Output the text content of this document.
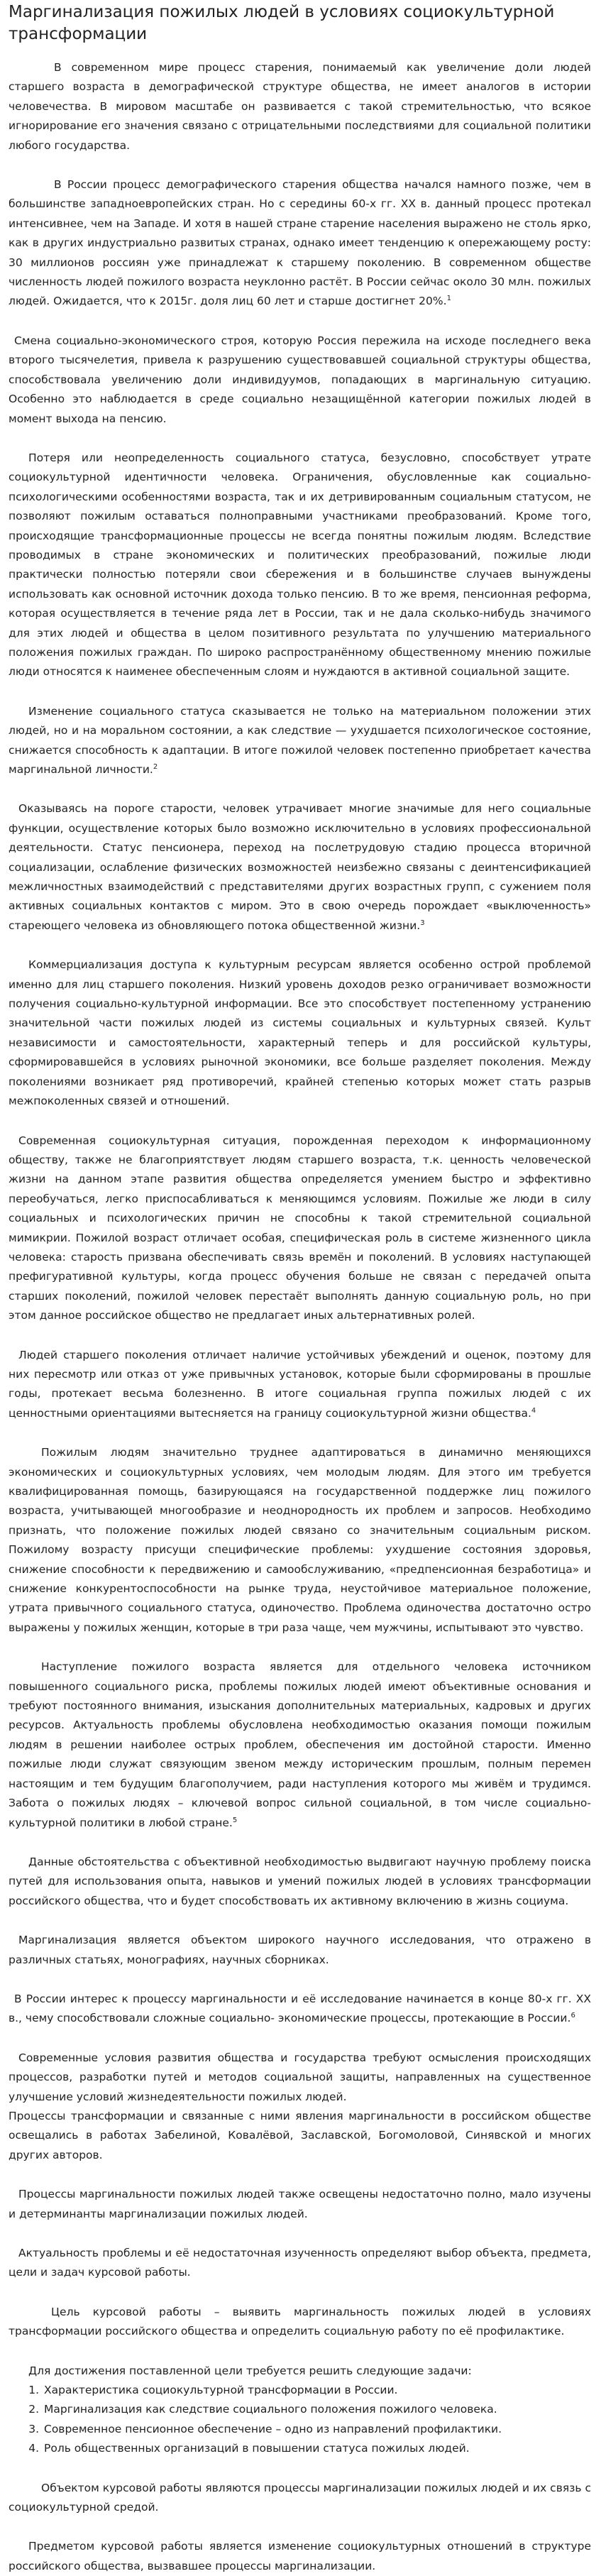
Маргинализация пожилых людей в условиях социокультурной трансформации

В современном мире процесс старения, понимаемый как увеличение доли людей старшего возраста в демографической структуре общества, не имеет аналогов в истории человечества. В мировом масштабе он развивается с такой стремительностью, что всякое игнорирование его значения связано с отрицательными последствиями для социальной политики любого государства.

В России процесс демографического старения общества начался намного позже, чем в большинстве западноевропейских стран. Но с середины 60-х гг. XX в. данный процесс протекал интенсивнее, чем на Западе. И хотя в нашей стране старение населения выражено не столь ярко, как в других индустриально развитых странах, однако имеет тенденцию к опережающему росту: 30 миллионов россиян уже принадлежат к старшему поколению. В современном обществе численность людей пожилого возраста неуклонно растёт. В России сейчас около 30 млн. пожилых людей. Ожидается, что к 2015г. доля лиц 60 лет и старше достигнет 20%.$^1$

Смена социально-экономического строя, которую Россия пережила на исходе последнего века второго тысячелетия, привела к разрушению существовавшей социальной структуры общества, способствовала увеличению доли индивидуумов, попадающих в маргинальную ситуацию. Особенно это наблюдается в среде социально незащищённой категории пожилых людей в момент выхода на пенсию.

Потеря или неопределенность социального статуса, безусловно, способствует утрате социокультурной идентичности человека. Ограничения, обусловленные как социально-психологическими особенностями возраста, так и их детривированным социальным статусом, не позволяют пожилым оставаться полноправными участниками преобразований. Кроме того, происходящие трансформационные процессы не всегда понятны пожилым людям. Вследствие проводимых в стране экономических и политических преобразований, пожилые люди практически полностью потеряли свои сбережения и в большинстве случаев вынуждены использовать как основной источник дохода только пенсию. В то же время, пенсионная реформа, которая осуществляется в течение ряда лет в России, так и не дала сколько-нибудь значимого для этих людей и общества в целом позитивного результата по улучшению материального положения пожилых граждан. По широко распространённому общественному мнению пожилые люди относятся к наименее обеспеченным слоям и нуждаются в активной социальной защите.

Изменение социального статуса сказывается не только на материальном положении этих людей, но и на моральном состоянии, а как следствие — ухудшается психологическое состояние, снижается способность к адаптации. В итоге пожилой человек постепенно приобретает качества маргинальной личности.$^2$

Оказываясь на пороге старости, человек утрачивает многие значимые для него социальные функции, осуществление которых было возможно исключительно в условиях профессиональной деятельности. Статус пенсионера, переход на послетрудовую стадию процесса вторичной социализации, ослабление физических возможностей неизбежно связаны с деинтенсификацией межличностных взаимодействий с представителями других возрастных групп, с сужением поля активных социальных контактов с миром. Это в свою очередь порождает «выключенность» стареющего человека из обновляющего потока общественной жизни.$^3$

Коммерциализация доступа к культурным ресурсам является особенно острой проблемой именно для лиц старшего поколения. Низкий уровень доходов резко ограничивает возможности получения социально-культурной информации. Все это способствует постепенному устранению значительной части пожилых людей из системы социальных и культурных связей. Культ независимости и самостоятельности, характерный теперь и для российской культуры, сформировавшейся в условиях рыночной экономики, все больше разделяет поколения. Между поколениями возникает ряд противоречий, крайней степенью которых может стать разрыв межпоколенных связей и отношений.

Современная социокультурная ситуация, порожденная переходом к информационному обществу, также не благоприятствует людям старшего возраста, т.к. ценность человеческой жизни на данном этапе развития общества определяется умением быстро и эффективно переобучаться, легко приспосабливаться к меняющимся условиям. Пожилые же люди в силу социальных и психологических причин не способны к такой стремительной социальной мимикрии. Пожилой возраст отличает особая, специфическая роль в системе жизненного цикла человека: старость призвана обеспечивать связь времён и поколений. В условиях наступающей префигуративной культуры, когда процесс обучения больше не связан с передачей опыта старших поколений, пожилой человек перестаёт выполнять данную социальную роль, но при этом данное российское общество не предлагает иных альтернативных ролей.

Людей старшего поколения отличает наличие устойчивых убеждений и оценок, поэтому для них пересмотр или отказ от уже привычных установок, которые были сформированы в прошлые годы, протекает весьма болезненно. В итоге социальная группа пожилых людей с их ценностными ориентациями вытесняется на границу социокультурной жизни общества.$^4$

Пожилым людям значительно труднее адаптироваться в динамично меняющихся экономических и социокультурных условиях, чем молодым людям. Для этого им требуется квалифицированная помощь, базирующаяся на государственной поддержке лиц пожилого возраста, учитывающей многообразие и неоднородность их проблем и запросов. Необходимо признать, что положение пожилых людей связано со значительным социальным риском. Пожилому возрасту присущи специфические проблемы: ухудшение состояния здоровья, снижение способности к передвижению и самообслуживанию, «предпенсионная безработица» и снижение конкурентоспособности на рынке труда, неустойчивое материальное положение, утрата привычного социального статуса, одиночество. Проблема одиночества достаточно остро выражены у пожилых женщин, которые в три раза чаще, чем мужчины, испытывают это чувство.

Наступление пожилого возраста является для отдельного человека источником повышенного социального риска, проблемы пожилых людей имеют объективные основания и требуют постоянного внимания, изыскания дополнительных материальных, кадровых и других ресурсов. Актуальность проблемы обусловлена необходимостью оказания помощи пожилым людям в решении наиболее острых проблем, обеспечения им достойной старости. Именно пожилые люди служат связующим звеном между историческим прошлым, полным перемен настоящим и тем будущим благополучием, ради наступления которого мы живём и трудимся. Забота о пожилых людях – ключевой вопрос сильной социальной, в том числе социально- культурной политики в любой стране.$^5$

Данные обстоятельства с объективной необходимостью выдвигают научную проблему поиска путей для использования опыта, навыков и умений пожилых людей в условиях трансформации российского общества, что и будет способствовать их активному включению в жизнь социума.

Маргинализация является объектом широкого научного исследования, что отражено в различных статьях, монографиях, научных сборниках.

В России интерес к процессу маргинальности и её исследование начинается в конце 80-х гг. XX в., чему способствовали сложные социально- экономические процессы, протекающие в России.$^6$

Современные условия развития общества и государства требуют осмысления происходящих процессов, разработки путей и методов социальной защиты, направленных на существенное улучшение условий жизнедеятельности пожилых людей.

Процессы трансформации и связанные с ними явления маргинальности в российском обществе освещались в работах Забелиной, Ковалёвой, Заславской, Богомоловой, Синявской и многих других авторов.

Процессы маргинальности пожилых людей также освещены недостаточно полно, мало изучены и детерминанты маргинализации пожилых людей.

Актуальность проблемы и её недостаточная изученность определяют выбор объекта, предмета, цели и задач курсовой работы.

Цель курсовой работы – выявить маргинальность пожилых людей в условиях трансформации российского общества и определить социальную работу по её профилактике.

Для достижения поставленной цели требуется решить следующие задачи:

1. Характеристика социокультурной трансформации в России.
2. Маргинализация как следствие социального положения пожилого человека.
3. Современное пенсионное обеспечение – одно из направлений профилактики.
4. Роль общественных организаций в повышении статуса пожилых людей.

Объектом курсовой работы являются процессы маргинализации пожилых людей и их связь с социокультурной средой.

Предметом курсовой работы является изменение социокультурных отношений в структуре российского общества, вызвавшее процессы маргинализации.
